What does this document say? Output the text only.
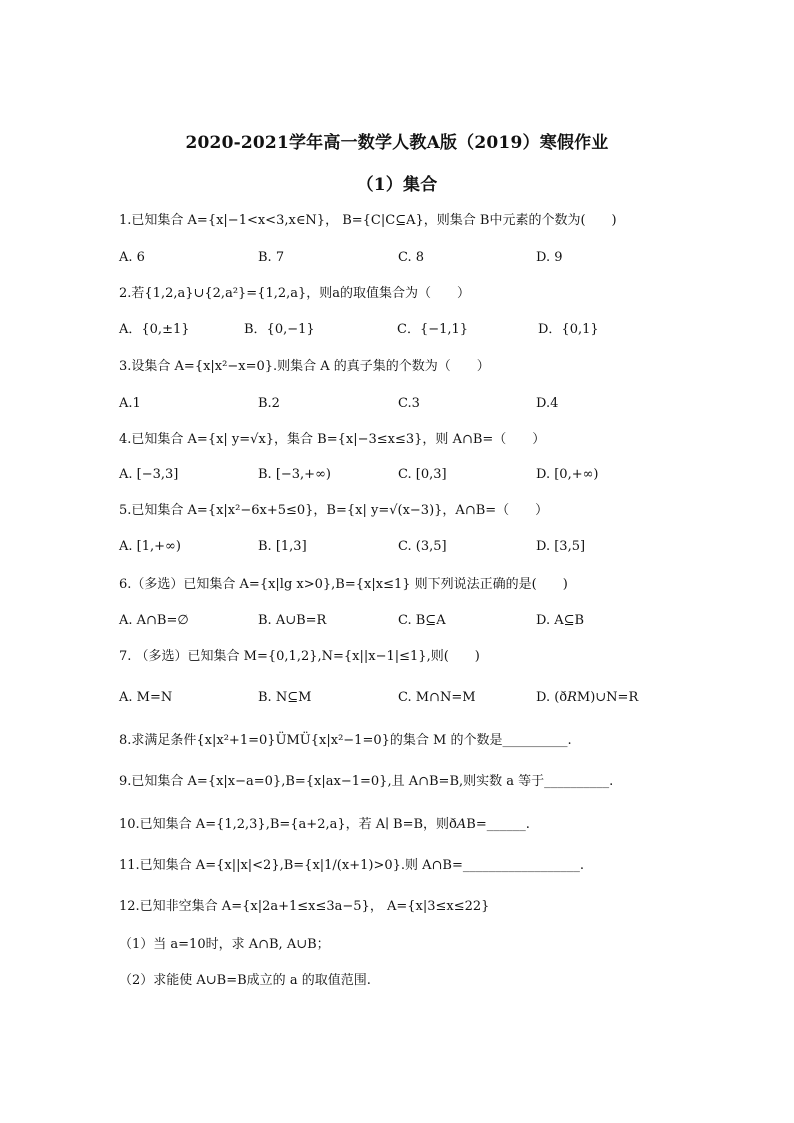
2020-2021学年高一数学人教A版（2019）寒假作业
（1）集合
1.已知集合 A={x|−1<x<3,x∈N}， B={C|C⊆A}，则集合 B中元素的个数为(　　)
A. 6	B. 7	C. 8	D. 9
2.若{1,2,a}∪{2,a²}={1,2,a}，则a的取值集合为（　　）
A．{0,±1}	B．{0,−1}	C．{−1,1}	D．{0,1}
3.设集合 A={x|x²−x=0}.则集合 A 的真子集的个数为（　　）
A.1	B.2	C.3	D.4
4.已知集合 A={x| y=√x}，集合 B={x|−3≤x≤3}，则 A∩B=（　　）
A. [−3,3]	B. [−3,+∞)	C. [0,3]	D. [0,+∞)
5.已知集合 A={x|x²−6x+5≤0}，B={x| y=√(x−3)}，A∩B=（　　）
A. [1,+∞)	B. [1,3]	C. (3,5]	D. [3,5]
6.（多选）已知集合 A={x|lg x>0},B={x|x≤1} 则下列说法正确的是(　　)
A. A∩B=∅	B. A∪B=R	C. B⊆A	D. A⊆B
7. （多选）已知集合 M={0,1,2},N={x||x−1|≤1},则(　　)
A. M=N	B. N⊆M	C. M∩N=M	D. (ð𝑅M)∪N=R
8.求满足条件{x|x²+1=0}ÜMÜ{x|x²−1=0}的集合 M 的个数是__________.
9.已知集合 A={x|x−a=0},B={x|ax−1=0},且 A∩B=B,则实数 a 等于__________.
10.已知集合 A={1,2,3},B={a+2,a}，若 A∣ B=B，则ð𝐴B=______.
11.已知集合 A={x||x|<2},B={x|1/(x+1)>0}.则 A∩B=__________________.
12.已知非空集合 A={x|2a+1≤x≤3a−5}， A={x|3≤x≤22}
（1）当 a=10时，求 A∩B, A∪B；
（2）求能使 A∪B=B成立的 a 的取值范围.
